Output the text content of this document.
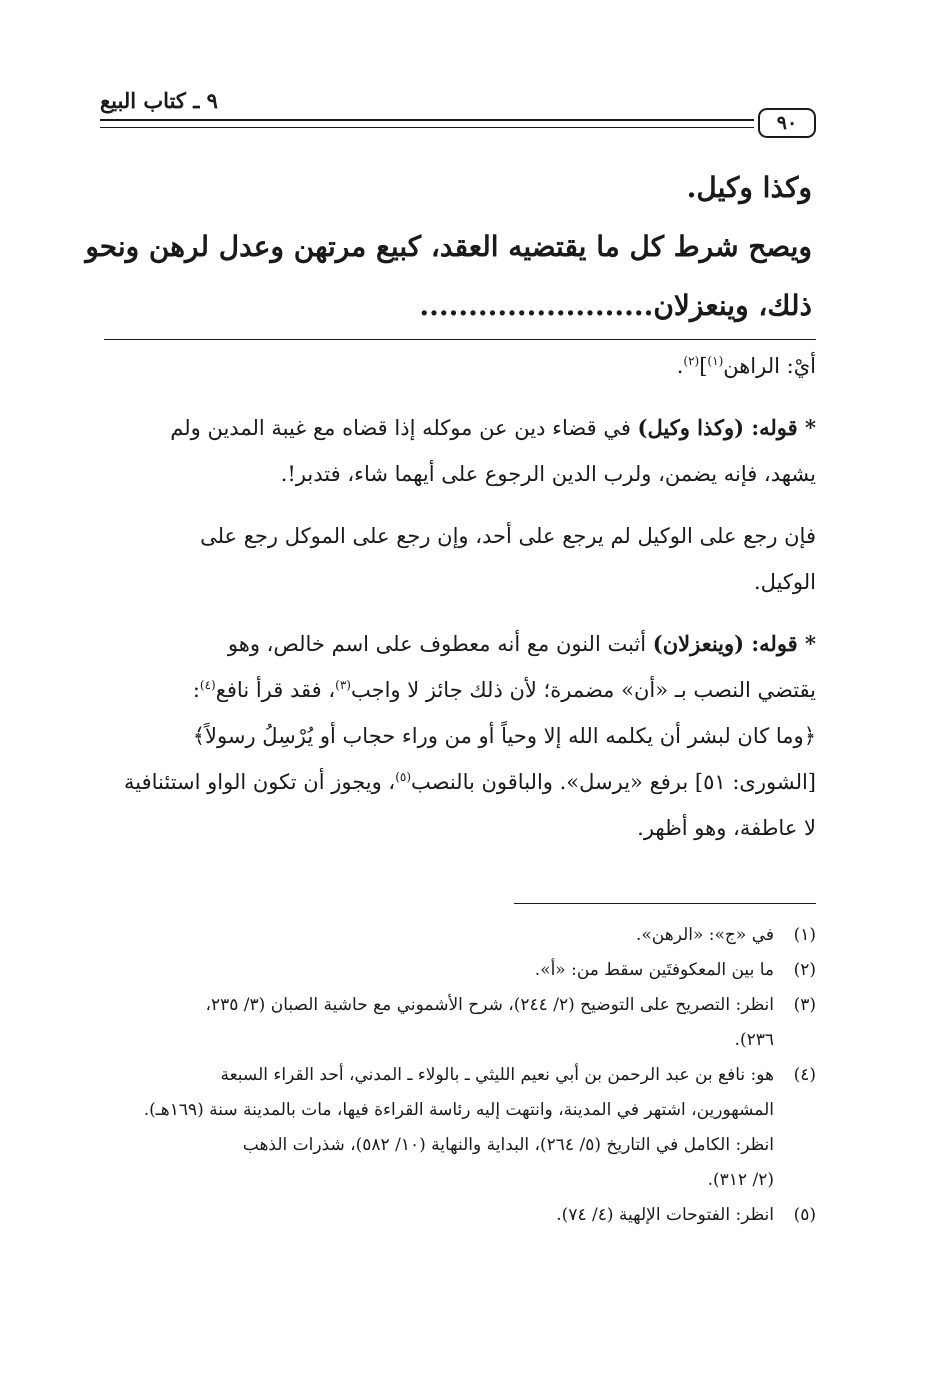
٩ ـ كتاب البيع
٩٠

وكذا وكيل.

ويصح شرط كل ما يقتضيه العقد، كبيع مرتهن وعدل لرهن ونحو

ذلك، وينعزلان........................

أيْ: الراهن$^{(١)}$]$^{(٢)}$.
* قوله: (وكذا وكيل) في قضاء دين عن موكله إذا قضاه مع غيبة المدين ولم
يشهد، فإنه يضمن، ولرب الدين الرجوع على أيهما شاء، فتدبر!.
فإن رجع على الوكيل لم يرجع على أحد، وإن رجع على الموكل رجع على
الوكيل.
* قوله: (وينعزلان) أثبت النون مع أنه معطوف على اسم خالص، وهو
يقتضي النصب بـ «أن» مضمرة؛ لأن ذلك جائز لا واجب$^{(٣)}$، فقد قرأ نافع$^{(٤)}$:
﴿وما كان لبشر أن يكلمه الله إلا وحياً أو من وراء حجاب أو يُرْسِلُ رسولاً﴾
[الشورى: ٥١] برفع «يرسل». والباقون بالنصب$^{(٥)}$، ويجوز أن تكون الواو استئنافية
لا عاطفة، وهو أظهر.
(١)
في «ج»: «الرهن».
(٢)
ما بين المعكوفتَين سقط من: «أ».
(٣)
انظر: التصريح على التوضيح (٢/ ٢٤٤)، شرح الأشموني مع حاشية الصبان (٣/ ٢٣٥،
٢٣٦).
(٤)
هو: نافع بن عبد الرحمن بن أبي نعيم الليثي ـ بالولاء ـ المدني، أحد القراء السبعة
المشهورين، اشتهر في المدينة، وانتهت إليه رئاسة القراءة فيها، مات بالمدينة سنة (١٦٩هـ).
انظر: الكامل في التاريخ (٥/ ٢٦٤)، البداية والنهاية (١٠/ ٥٨٢)، شذرات الذهب
(٢/ ٣١٢).
(٥)
انظر: الفتوحات الإلهية (٤/ ٧٤).
